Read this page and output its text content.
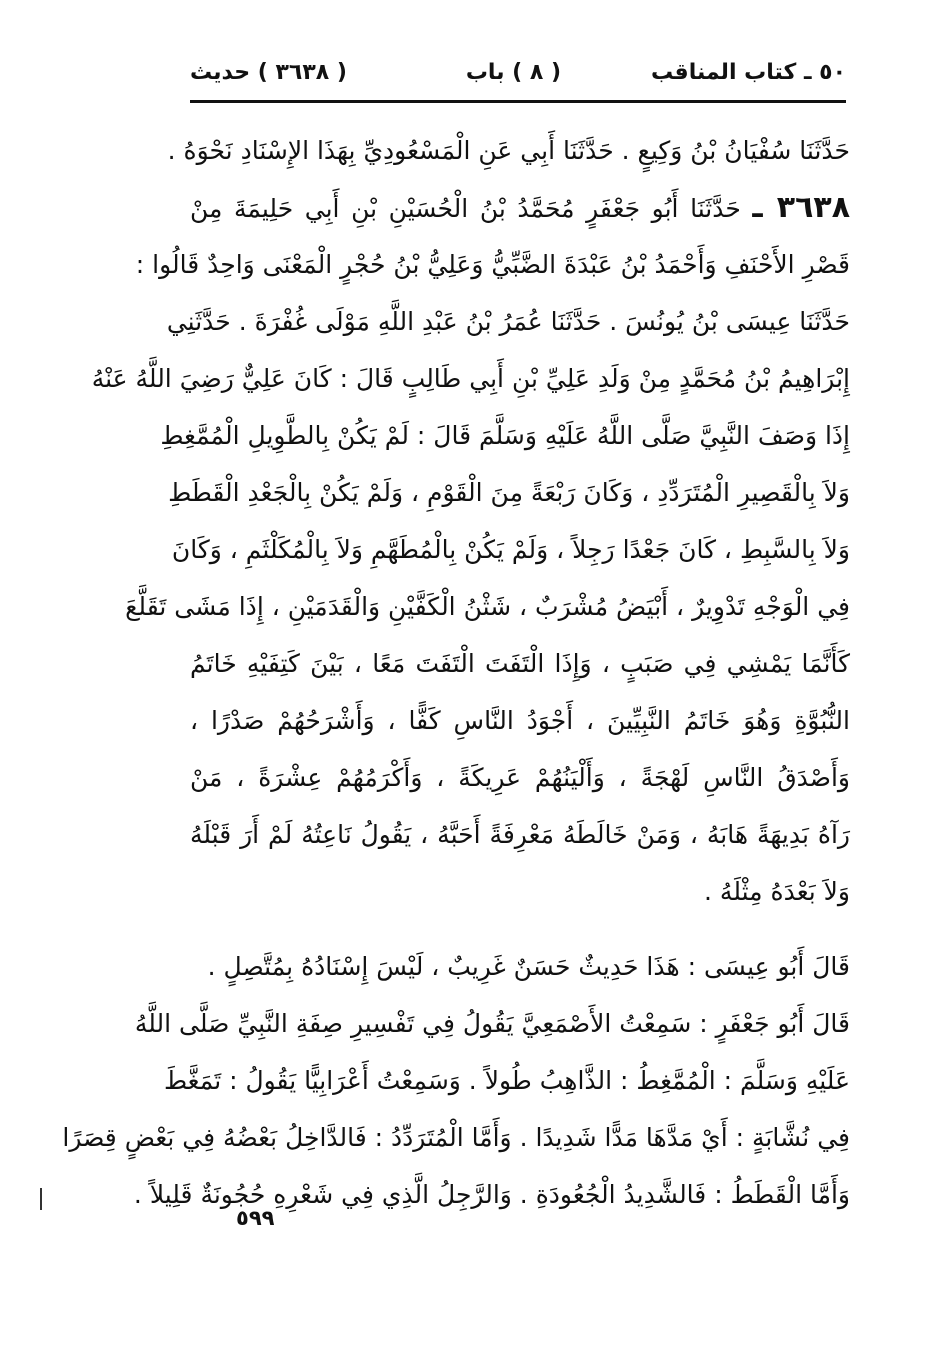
٥٠ ـ كتاب المناقب
( ٨ ) باب
( ٣٦٣٨ ) حديث
حَدَّثَنَا سُفْيَانُ بْنُ وَكِيعٍ . حَدَّثَنَا أَبِي عَنِ الْمَسْعُودِيِّ بِهَذَا الإِسْنَادِ نَحْوَهُ .
٣٦٣٨ ـ حَدَّثَنَا أَبُو جَعْفَرٍ مُحَمَّدُ بْنُ الْحُسَيْنِ بْنِ أَبِي حَلِيمَةَ مِنْ
قَصْرِ الأَحْنَفِ وَأَحْمَدُ بْنُ عَبْدَةَ الضَّبِّيُّ وَعَلِيُّ بْنُ حُجْرٍ الْمَعْنَى وَاحِدٌ قَالُوا :
حَدَّثَنَا عِيسَى بْنُ يُونُسَ . حَدَّثَنَا عُمَرُ بْنُ عَبْدِ اللَّهِ مَوْلَى غُفْرَةَ . حَدَّثَنِي
إِبْرَاهِيمُ بْنُ مُحَمَّدٍ مِنْ وَلَدِ عَلِيِّ بْنِ أَبِي طَالِبٍ قَالَ : كَانَ عَلِيٌّ رَضِيَ اللَّهُ عَنْهُ
إِذَا وَصَفَ النَّبِيَّ صَلَّى اللَّهُ عَلَيْهِ وَسَلَّمَ قَالَ : لَمْ يَكُنْ بِالطَّوِيلِ الْمُمَّغِطِ
وَلاَ بِالْقَصِيرِ الْمُتَرَدِّدِ ، وَكَانَ رَبْعَةً مِنَ الْقَوْمِ ، وَلَمْ يَكُنْ بِالْجَعْدِ الْقَطَطِ
وَلاَ بِالسَّبِطِ ، كَانَ جَعْدًا رَجِلاً ، وَلَمْ يَكُنْ بِالْمُطَهَّمِ وَلاَ بِالْمُكَلْثَمِ ، وَكَانَ
فِي الْوَجْهِ تَدْوِيرٌ ، أَبْيَضُ مُشْرَبٌ ، شَثْنُ الْكَفَّيْنِ وَالْقَدَمَيْنِ ، إِذَا مَشَى تَقَلَّعَ
كَأَنَّمَا يَمْشِي فِي صَبَبٍ ، وَإِذَا الْتَفَتَ الْتَفَتَ مَعًا ، بَيْنَ كَتِفَيْهِ خَاتَمُ
النُّبُوَّةِ وَهُوَ خَاتَمُ النَّبِيِّينَ ، أَجْوَدُ النَّاسِ كَفًّا ، وَأَشْرَحُهُمْ صَدْرًا ،
وَأَصْدَقُ النَّاسِ لَهْجَةً ، وَأَلْيَنُهُمْ عَرِيكَةً ، وَأَكْرَمُهُمْ عِشْرَةً ، مَنْ
رَآهُ بَدِيهَةً هَابَهُ ، وَمَنْ خَالَطَهُ مَعْرِفَةً أَحَبَّهُ ، يَقُولُ نَاعِتُهُ لَمْ أَرَ قَبْلَهُ
وَلاَ بَعْدَهُ مِثْلَهُ .
قَالَ أَبُو عِيسَى : هَذَا حَدِيثٌ حَسَنٌ غَرِيبٌ ، لَيْسَ إِسْنَادُهُ بِمُتَّصِلٍ .
قَالَ أَبُو جَعْفَرٍ : سَمِعْتُ الأَصْمَعِيَّ يَقُولُ فِي تَفْسِيرِ صِفَةِ النَّبِيِّ صَلَّى اللَّهُ
عَلَيْهِ وَسَلَّمَ : الْمُمَّغِطُ : الذَّاهِبُ طُولاً . وَسَمِعْتُ أَعْرَابِيًّا يَقُولُ : تَمَغَّطَ
فِي نُشَّابَةٍ : أَيْ مَدَّهَا مَدًّا شَدِيدًا . وَأَمَّا الْمُتَرَدِّدُ : فَالدَّاخِلُ بَعْضُهُ فِي بَعْضٍ قِصَرًا
وَأَمَّا الْقَطَطُ : فَالشَّدِيدُ الْجُعُودَةِ . وَالرَّجِلُ الَّذِي فِي شَعْرِهِ حُجُونَةٌ قَلِيلاً .
٥٩٩
